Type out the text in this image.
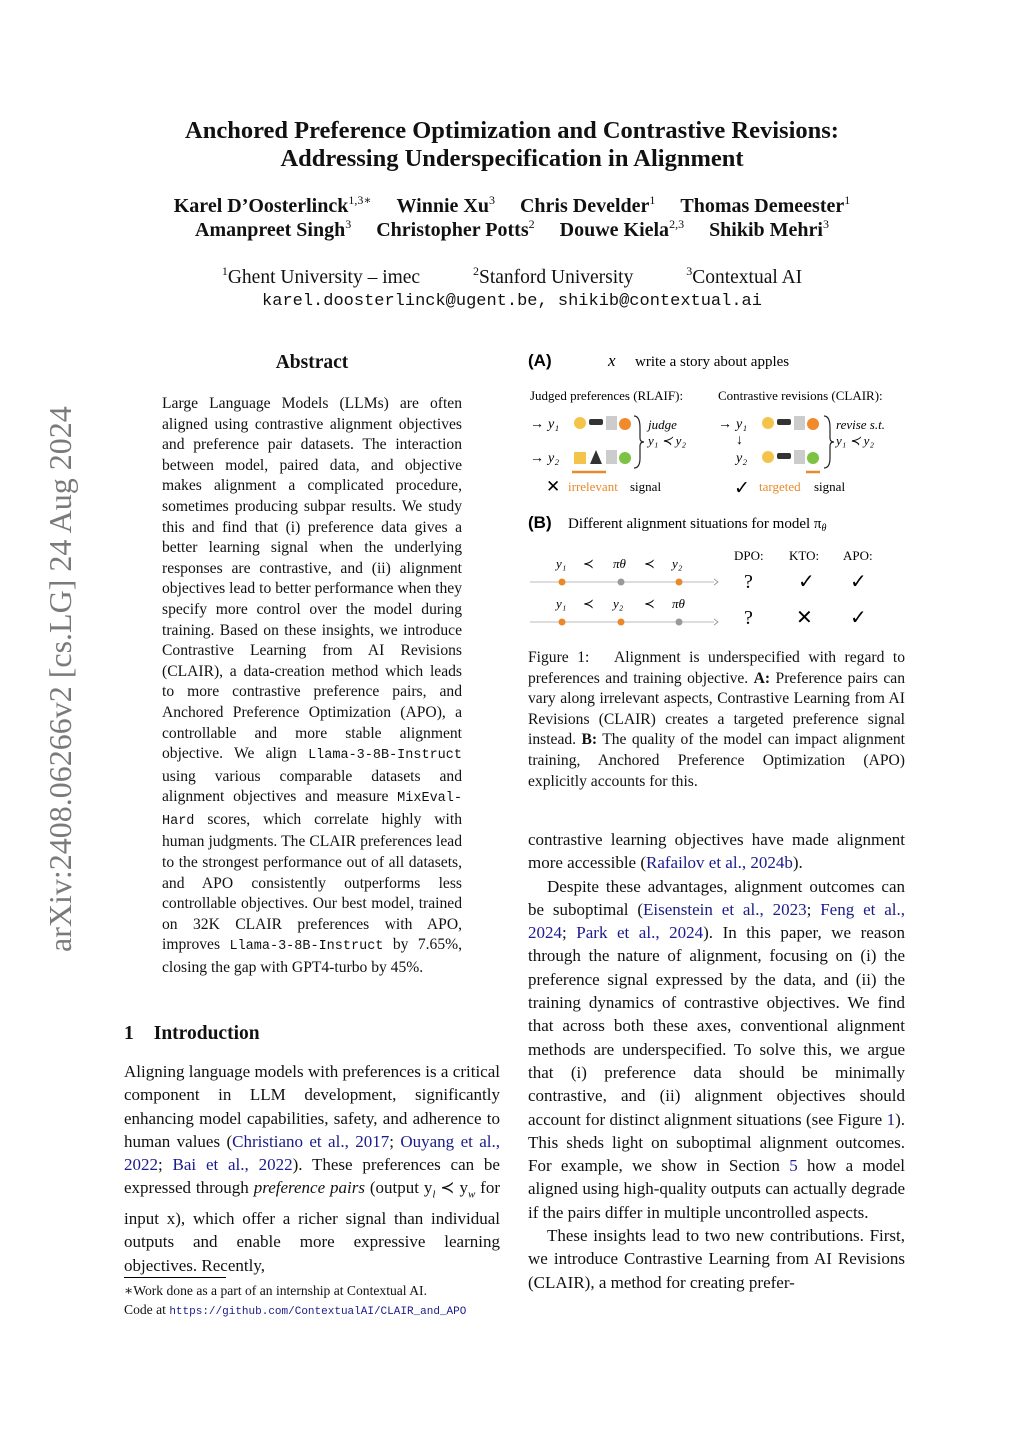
arXiv:2408.06266v2 [cs.LG] 24 Aug 2024
Anchored Preference Optimization and Contrastive Revisions:
Addressing Underspecification in Alignment
Karel D’Oosterlinck$^{1,3∗}$ Winnie Xu$^3$ Chris Develder$^1$ Thomas Demeester$^1$
Amanpreet Singh$^3$ Christopher Potts$^2$ Douwe Kiela$^{2,3}$ Shikib Mehri$^3$
$^1$Ghent University – imec	$^2$Stanford University	$^3$Contextual AI
karel.doosterlinck@ugent.be, shikib@contextual.ai
Abstract
Large Language Models (LLMs) are often aligned using contrastive alignment objectives and preference pair datasets. The interaction between model, paired data, and objective makes alignment a complicated procedure, sometimes producing subpar results. We study this and find that (i) preference data gives a better learning signal when the underlying responses are contrastive, and (ii) alignment objectives lead to better performance when they specify more control over the model during training. Based on these insights, we introduce Contrastive Learning from AI Revisions (CLAIR), a data-creation method which leads to more contrastive preference pairs, and Anchored Preference Optimization (APO), a controllable and more stable alignment objective. We align Llama-3-8B-Instruct using various comparable datasets and alignment objectives and measure MixEval-Hard scores, which correlate highly with human judgments. The CLAIR preferences lead to the strongest performance out of all datasets, and APO consistently outperforms less controllable objectives. Our best model, trained on 32K CLAIR preferences with APO, improves Llama-3-8B-Instruct by 7.65%, closing the gap with GPT4-turbo by 45%.
1 Introduction

Aligning language models with preferences is a critical component in LLM development, significantly enhancing model capabilities, safety, and adherence to human values (Christiano et al., 2017; Ouyang et al., 2022; Bai et al., 2022). These preferences can be expressed through preference pairs (output $y_l$ ≺ $y_w$ for input x), which offer a richer signal than individual outputs and enable more expressive learning objectives. Recently,

∗Work done as a part of an internship at Contextual AI.
Code at https://github.com/ContextualAI/CLAIR_and_APO
(A)	x write a story about apples
Judged preferences (RLAIF):	Contrastive revisions (CLAIR):
→ y₁
→ y₂
judge
y₁ ≺ y₂
✕ irrelevant signal
→ y₁
↓
y₂
revise s.t.
y₁ ≺ y₂
✓ targeted signal
(B) Different alignment situations for model $\pi_\theta$
DPO: KTO: APO:
y₁ ≺ πθ ≺ y₂
? ✓ ✓
y₁ ≺ y₂ ≺ πθ
? ✕ ✓
Figure 1: Alignment is underspecified with regard to preferences and training objective. A: Preference pairs can vary along irrelevant aspects, Contrastive Learning from AI Revisions (CLAIR) creates a targeted preference signal instead. B: The quality of the model can impact alignment training, Anchored Preference Optimization (APO) explicitly accounts for this.

contrastive learning objectives have made alignment more accessible (Rafailov et al., 2024b).

Despite these advantages, alignment outcomes can be suboptimal (Eisenstein et al., 2023; Feng et al., 2024; Park et al., 2024). In this paper, we reason through the nature of alignment, focusing on (i) the preference signal expressed by the data, and (ii) the training dynamics of contrastive objectives. We find that across both these axes, conventional alignment methods are underspecified. To solve this, we argue that (i) preference data should be minimally contrastive, and (ii) alignment objectives should account for distinct alignment situations (see Figure 1). This sheds light on suboptimal alignment outcomes. For example, we show in Section 5 how a model aligned using high-quality outputs can actually degrade if the pairs differ in multiple uncontrolled aspects.

These insights lead to two new contributions. First, we introduce Contrastive Learning from AI Revisions (CLAIR), a method for creating prefer-
